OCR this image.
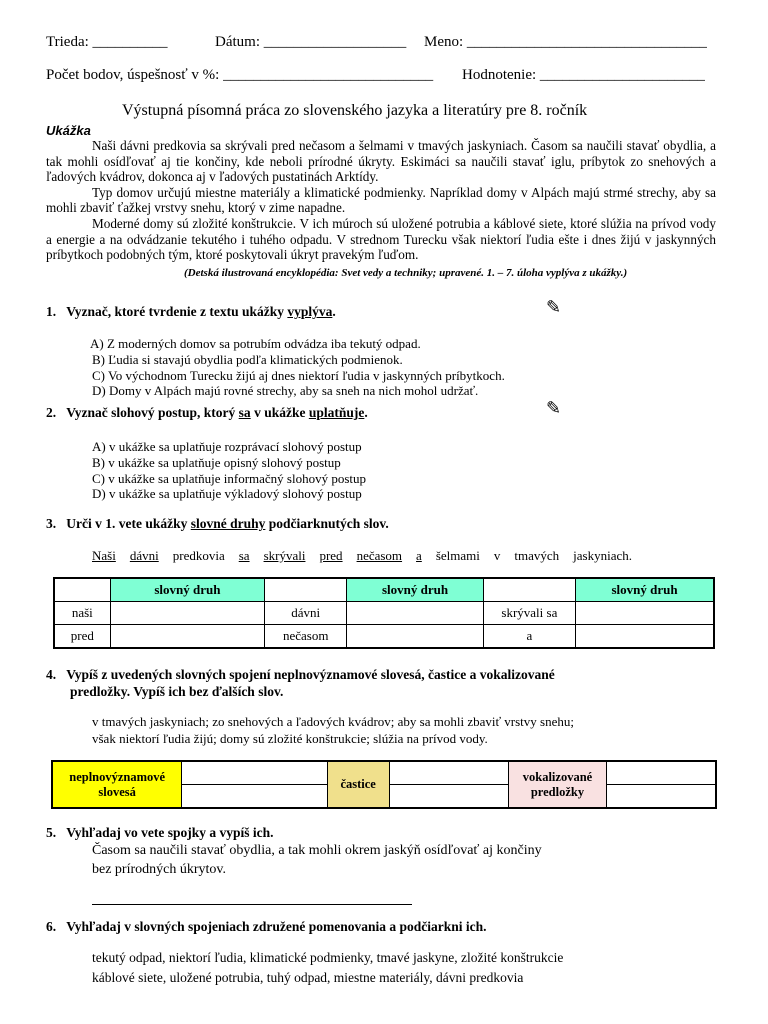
Trieda: __________	Dátum: ___________________ Meno: ________________________________
Počet bodov, úspešnosť v %: ____________________________ Hodnotenie: ______________________
Výstupná písomná práca zo slovenského jazyka a literatúry pre 8. ročník
Ukážka
Naši dávni predkovia sa skrývali pred nečasom a šelmami v tmavých jaskyniach. Časom sa naučili stavať obydlia, a tak mohli osídľovať aj tie končiny, kde neboli prírodné úkryty. Eskimáci sa naučili stavať iglu, príbytok zo snehových a ľadových kvádrov, dokonca aj v ľadových pustatinách Arktídy.
Typ domov určujú miestne materiály a klimatické podmienky. Napríklad domy v Alpách majú strmé strechy, aby sa mohli zbaviť ťažkej vrstvy snehu, ktorý v zime napadne.
Moderné domy sú zložité konštrukcie. V ich múroch sú uložené potrubia a káblové siete, ktoré slúžia na prívod vody a energie a na odvádzanie tekutého i tuhého odpadu. V strednom Turecku však niektorí ľudia ešte i dnes žijú v jaskynných príbytkoch podobných tým, ktoré poskytovali úkryt pravekým ľuďom.
(Detská ilustrovaná encyklopédia: Svet vedy a techniky; upravené. 1. – 7. úloha vyplýva z ukážky.)
1. Vyznač, ktoré tvrdenie z textu ukážky vyplýva.	✎
A) Z moderných domov sa potrubím odvádza iba tekutý odpad.
B) Ľudia si stavajú obydlia podľa klimatických podmienok.
C) Vo východnom Turecku žijú aj dnes niektorí ľudia v jaskynných príbytkoch.
D) Domy v Alpách majú rovné strechy, aby sa sneh na nich mohol udržať.
2. Vyznač slohový postup, ktorý sa v ukážke uplatňuje.	✎
A) v ukážke sa uplatňuje rozprávací slohový postup
B) v ukážke sa uplatňuje opisný slohový postup
C) v ukážke sa uplatňuje informačný slohový postup
D) v ukážke sa uplatňuje výkladový slohový postup
3. Urči v 1. vete ukážky slovné druhy podčiarknutých slov.
Naši dávni predkovia sa skrývali pred nečasom a šelmami v tmavých jaskyniach.
	slovný druh		slovný druh		slovný druh
naši		dávni		skrývali sa	
pred		nečasom		a	
4. Vypíš z uvedených slovných spojení neplnovýznamové slovesá, častice a vokalizované
predložky. Vypíš ich bez ďalších slov.
v tmavých jaskyniach; zo snehových a ľadových kvádrov; aby sa mohli zbaviť vrstvy snehu;
však niektorí ľudia žijú; domy sú zložité konštrukcie; slúžia na prívod vody.
neplnovýznamové slovesá		častice		vokalizované predložky	

5. Vyhľadaj vo vete spojky a vypíš ich.
Časom sa naučili stavať obydlia, a tak mohli okrem jaskýň osídľovať aj končiny
bez prírodných úkrytov.
6. Vyhľadaj v slovných spojeniach združené pomenovania a podčiarkni ich.
tekutý odpad, niektorí ľudia, klimatické podmienky, tmavé jaskyne, zložité konštrukcie
káblové siete, uložené potrubia, tuhý odpad, miestne materiály, dávni predkovia
